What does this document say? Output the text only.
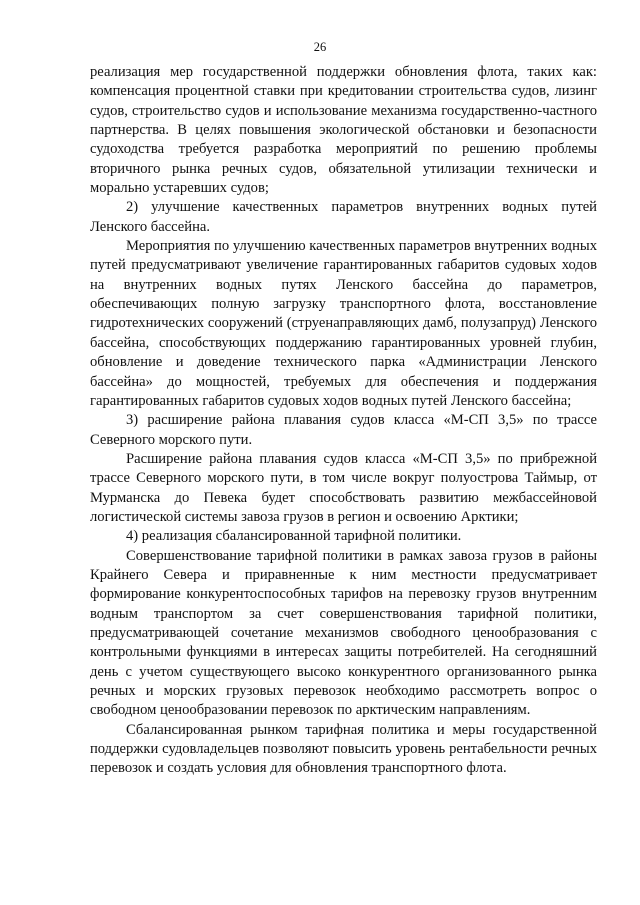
26

реализация мер государственной поддержки обновления флота, таких как: компенсация процентной ставки при кредитовании строительства судов, лизинг судов, строительство судов и использование механизма государственно-частного партнерства. В целях повышения экологической обстановки и безопасности судоходства требуется разработка мероприятий по решению проблемы вторичного рынка речных судов, обязательной утилизации технически и морально устаревших судов;

2) улучшение качественных параметров внутренних водных путей Ленского бассейна.

Мероприятия по улучшению качественных параметров внутренних водных путей предусматривают увеличение гарантированных габаритов судовых ходов на внутренних водных путях Ленского бассейна до параметров, обеспечивающих полную загрузку транспортного флота, восстановление гидротехнических сооружений (струенаправляющих дамб, полузапруд) Ленского бассейна, способствующих поддержанию гарантированных уровней глубин, обновление и доведение технического парка «Администрации Ленского бассейна» до мощностей, требуемых для обеспечения и поддержания гарантированных габаритов судовых ходов водных путей Ленского бассейна;

3) расширение района плавания судов класса «М-СП 3,5» по трассе Северного морского пути.

Расширение района плавания судов класса «М-СП 3,5» по прибрежной трассе Северного морского пути, в том числе вокруг полуострова Таймыр, от Мурманска до Певека будет способствовать развитию межбассейновой логистической системы завоза грузов в регион и освоению Арктики;

4) реализация сбалансированной тарифной политики.

Совершенствование тарифной политики в рамках завоза грузов в районы Крайнего Севера и приравненные к ним местности предусматривает формирование конкурентоспособных тарифов на перевозку грузов внутренним водным транспортом за счет совершенствования тарифной политики, предусматривающей сочетание механизмов свободного ценообразования с контрольными функциями в интересах защиты потребителей. На сегодняшний день с учетом существующего высоко конкурентного организованного рынка речных и морских грузовых перевозок необходимо рассмотреть вопрос о свободном ценообразовании перевозок по арктическим направлениям.

Сбалансированная рынком тарифная политика и меры государственной поддержки судовладельцев позволяют повысить уровень рентабельности речных перевозок и создать условия для обновления транспортного флота.
